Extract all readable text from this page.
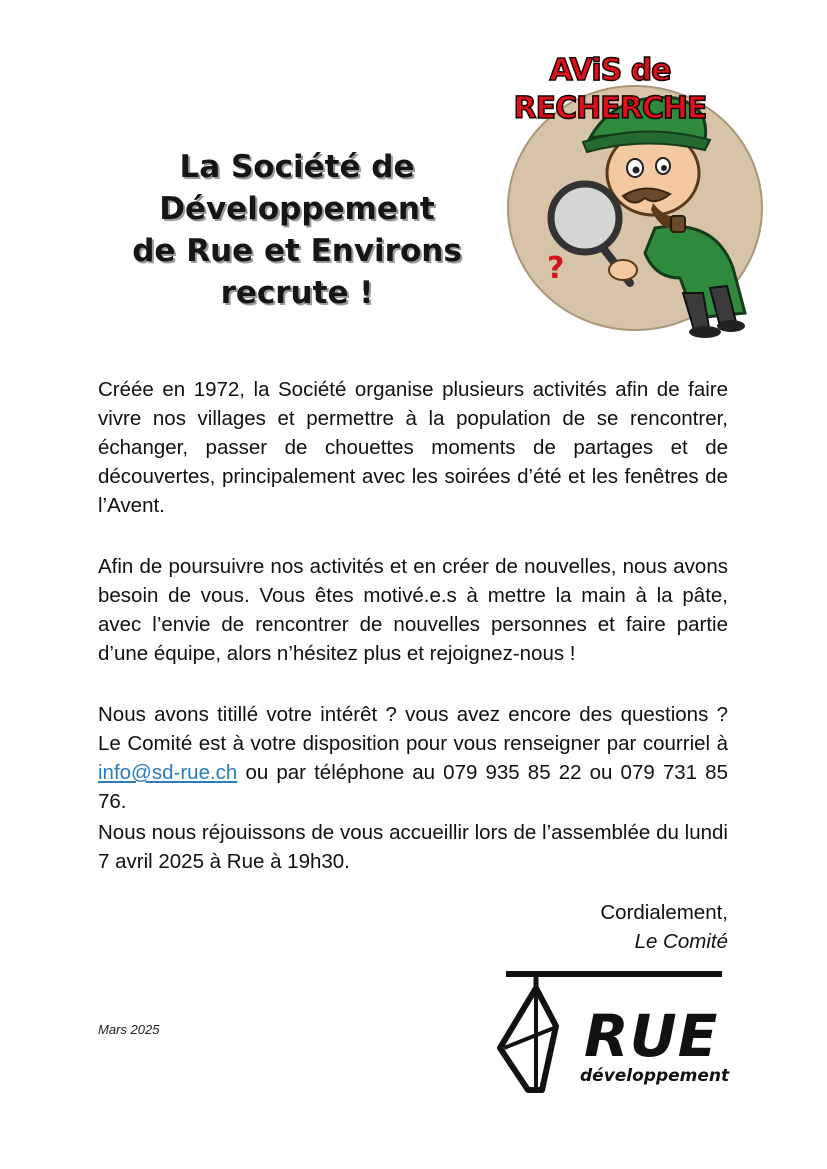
La Société de
Développement
de Rue et Environs
recrute !
AViS de RECHERCHE
?

Créée en 1972, la Société organise plusieurs activités afin de faire vivre nos villages et permettre à la population de se rencontrer, échanger, passer de chouettes moments de partages et de découvertes, principalement avec les soirées d’été et les fenêtres de l’Avent.

Afin de poursuivre nos activités et en créer de nouvelles, nous avons besoin de vous. Vous êtes motivé.e.s à mettre la main à la pâte, avec l’envie de rencontrer de nouvelles personnes et faire partie d’une équipe, alors n’hésitez plus et rejoignez-nous !

Nous avons titillé votre intérêt ? vous avez encore des questions ? Le Comité est à votre disposition pour vous renseigner par courriel à info@sd-rue.ch ou par téléphone au 079 935 85 22 ou 079 731 85 76.

Nous nous réjouissons de vous accueillir lors de l’assemblée du lundi 7 avril 2025 à Rue à 19h30.

Cordialement,
Le Comité
Mars 2025	RUE
développement
